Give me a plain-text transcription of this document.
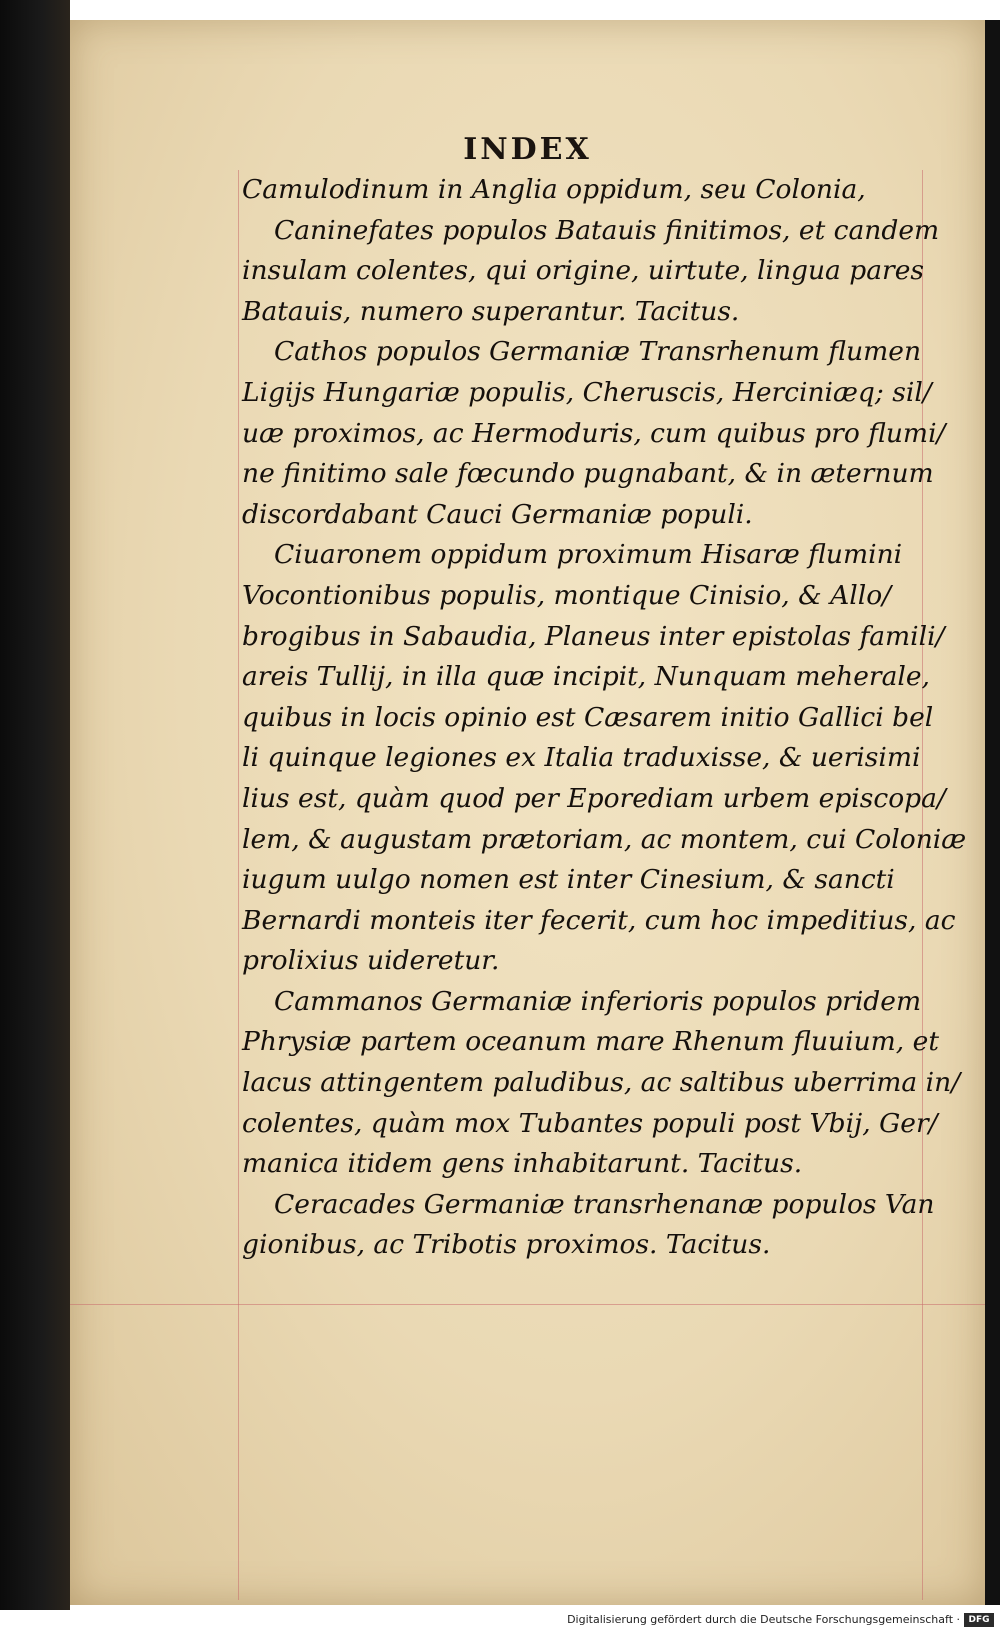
INDEX
Camulodinum in Anglia oppidum, seu Colonia,
Caninefates populos Batauis finitimos, et candem
insulam colentes, qui origine, uirtute, lingua pares
Batauis, numero superantur. Tacitus.
Cathos populos Germaniæ Transrhenum flumen
Ligijs Hungariæ populis, Cheruscis, Herciniæq; sil/
uæ proximos, ac Hermoduris, cum quibus pro flumi/
ne finitimo sale fœcundo pugnabant, & in æternum
discordabant Cauci Germaniæ populi.
Ciuaronem oppidum proximum Hisaræ flumini
Vocontionibus populis, montique Cinisio, & Allo/
brogibus in Sabaudia, Planeus inter epistolas famili/
areis Tullij, in illa quæ incipit, Nunquam meherale,
quibus in locis opinio est Cæsarem initio Gallici bel
li quinque legiones ex Italia traduxisse, & uerisimi
lius est, quàm quod per Eporediam urbem episcopa/
lem, & augustam prætoriam, ac montem, cui Coloniæ
iugum uulgo nomen est inter Cinesium, & sancti
Bernardi monteis iter fecerit, cum hoc impeditius, ac
prolixius uideretur.
Cammanos Germaniæ inferioris populos pridem
Phrysiæ partem oceanum mare Rhenum fluuium, et
lacus attingentem paludibus, ac saltibus uberrima in/
colentes, quàm mox Tubantes populi post Vbij, Ger/
manica itidem gens inhabitarunt. Tacitus.
Ceracades Germaniæ transrhenanæ populos Van
gionibus, ac Tribotis proximos. Tacitus.
Digitalisierung gefördert durch die Deutsche Forschungsgemeinschaft · DFG
